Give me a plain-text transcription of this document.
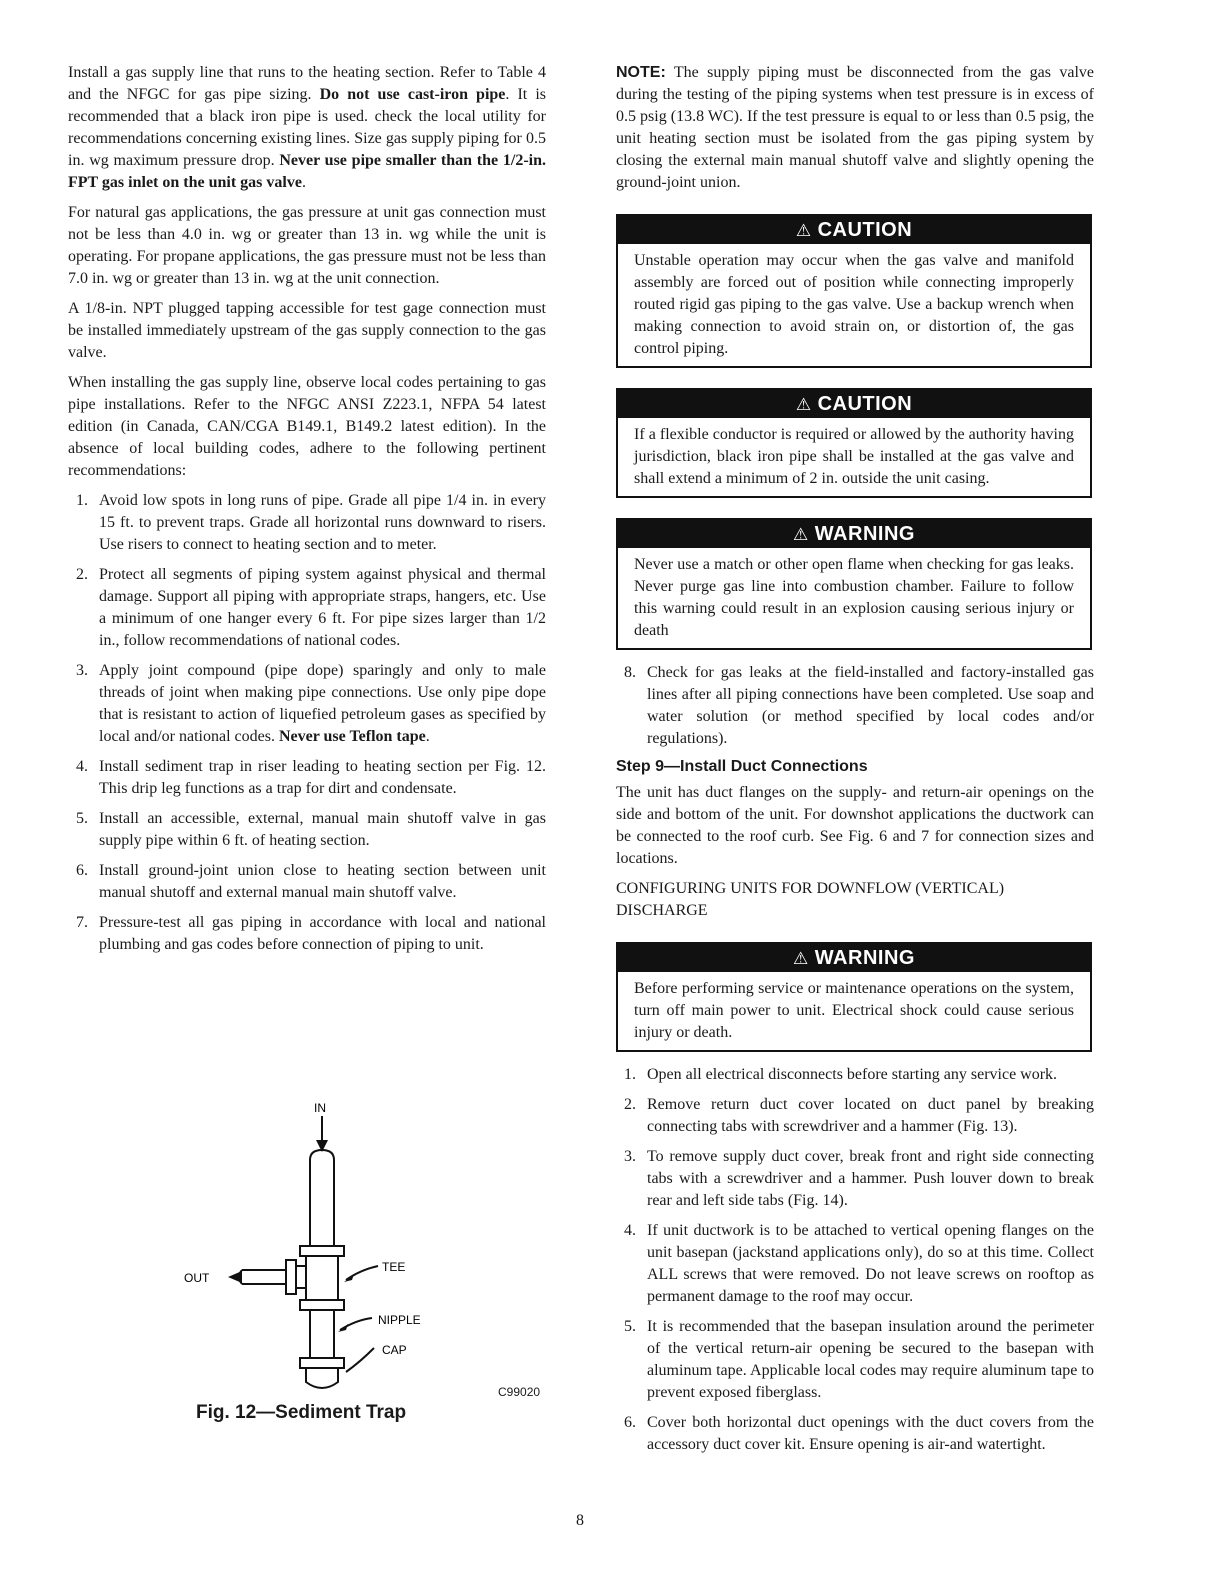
Install a gas supply line that runs to the heating section. Refer to Table 4 and the NFGC for gas pipe sizing. Do not use cast-iron pipe. It is recommended that a black iron pipe is used. check the local utility for recommendations concerning existing lines. Size gas supply piping for 0.5 in. wg maximum pressure drop. Never use pipe smaller than the 1/2-in. FPT gas inlet on the unit gas valve.

For natural gas applications, the gas pressure at unit gas connection must not be less than 4.0 in. wg or greater than 13 in. wg while the unit is operating. For propane applications, the gas pressure must not be less than 7.0 in. wg or greater than 13 in. wg at the unit connection.

A 1/8-in. NPT plugged tapping accessible for test gage connection must be installed immediately upstream of the gas supply connection to the gas valve.

When installing the gas supply line, observe local codes pertaining to gas pipe installations. Refer to the NFGC ANSI Z223.1, NFPA 54 latest edition (in Canada, CAN/CGA B149.1, B149.2 latest edition). In the absence of local building codes, adhere to the following pertinent recommendations:

1. Avoid low spots in long runs of pipe. Grade all pipe 1/4 in. in every 15 ft. to prevent traps. Grade all horizontal runs downward to risers. Use risers to connect to heating section and to meter.
2. Protect all segments of piping system against physical and thermal damage. Support all piping with appropriate straps, hangers, etc. Use a minimum of one hanger every 6 ft. For pipe sizes larger than 1/2 in., follow recommendations of national codes.
3. Apply joint compound (pipe dope) sparingly and only to male threads of joint when making pipe connections. Use only pipe dope that is resistant to action of liquefied petroleum gases as specified by local and/or national codes. Never use Teflon tape.
4. Install sediment trap in riser leading to heating section per Fig. 12. This drip leg functions as a trap for dirt and condensate.
5. Install an accessible, external, manual main shutoff valve in gas supply pipe within 6 ft. of heating section.
6. Install ground-joint union close to heating section between unit manual shutoff and external manual main shutoff valve.
7. Pressure-test all gas piping in accordance with local and national plumbing and gas codes before connection of piping to unit.
IN
OUT
TEE
NIPPLE
CAP
C99020
Fig. 12—Sediment Trap

NOTE: The supply piping must be disconnected from the gas valve during the testing of the piping systems when test pressure is in excess of 0.5 psig (13.8 WC). If the test pressure is equal to or less than 0.5 psig, the unit heating section must be isolated from the gas piping system by closing the external main manual shutoff valve and slightly opening the ground-joint union.

⚠ CAUTION
Unstable operation may occur when the gas valve and manifold assembly are forced out of position while connecting improperly routed rigid gas piping to the gas valve. Use a backup wrench when making connection to avoid strain on, or distortion of, the gas control piping.
⚠ CAUTION
If a flexible conductor is required or allowed by the authority having jurisdiction, black iron pipe shall be installed at the gas valve and shall extend a minimum of 2 in. outside the unit casing.
⚠ WARNING
Never use a match or other open flame when checking for gas leaks. Never purge gas line into combustion chamber. Failure to follow this warning could result in an explosion causing serious injury or death
8. Check for gas leaks at the field-installed and factory-installed gas lines after all piping connections have been completed. Use soap and water solution (or method specified by local codes and/or regulations).
Step 9—Install Duct Connections

The unit has duct flanges on the supply- and return-air openings on the side and bottom of the unit. For downshot applications the ductwork can be connected to the roof curb. See Fig. 6 and 7 for connection sizes and locations.

CONFIGURING UNITS FOR DOWNFLOW (VERTICAL) DISCHARGE

⚠ WARNING
Before performing service or maintenance operations on the system, turn off main power to unit. Electrical shock could cause serious injury or death.
1. Open all electrical disconnects before starting any service work.
2. Remove return duct cover located on duct panel by breaking connecting tabs with screwdriver and a hammer (Fig. 13).
3. To remove supply duct cover, break front and right side connecting tabs with a screwdriver and a hammer. Push louver down to break rear and left side tabs (Fig. 14).
4. If unit ductwork is to be attached to vertical opening flanges on the unit basepan (jackstand applications only), do so at this time. Collect ALL screws that were removed. Do not leave screws on rooftop as permanent damage to the roof may occur.
5. It is recommended that the basepan insulation around the perimeter of the vertical return-air opening be secured to the basepan with aluminum tape. Applicable local codes may require aluminum tape to prevent exposed fiberglass.
6. Cover both horizontal duct openings with the duct covers from the accessory duct cover kit. Ensure opening is air-and watertight.
8
